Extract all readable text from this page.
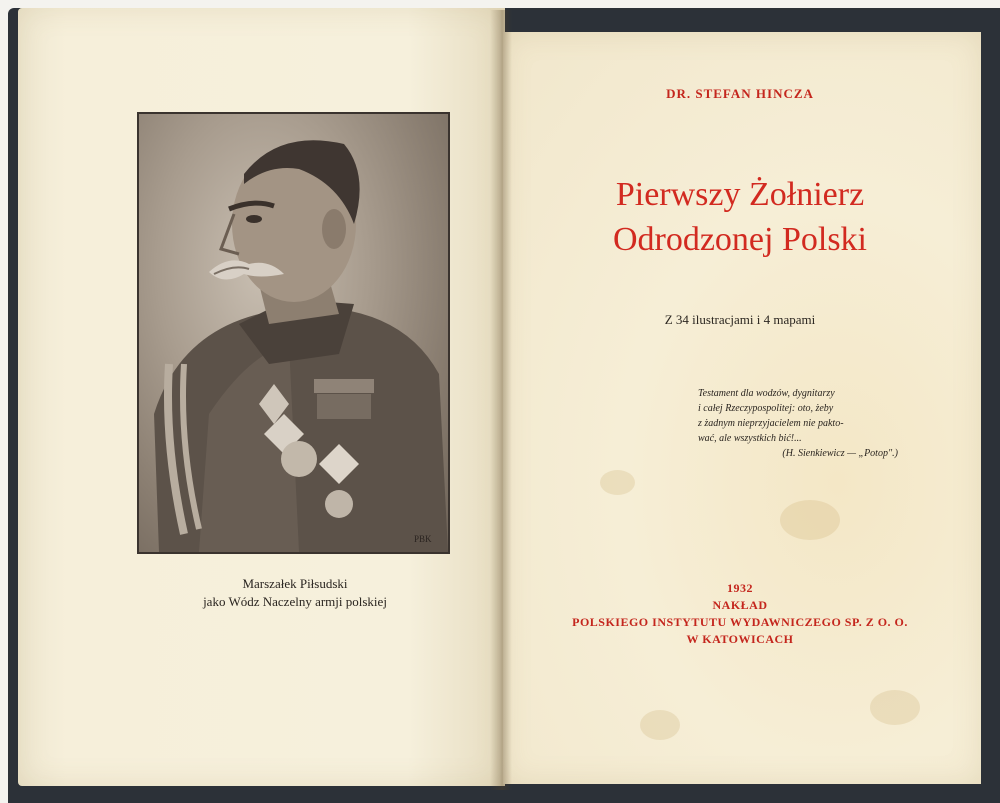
PBK
Marszałek Piłsudski
jako Wódz Naczelny armji polskiej
DR. STEFAN HINCZA
Pierwszy Żołnierz
Odrodzonej Polski
Z 34 ilustracjami i 4 mapami
Testament dla wodzów, dygnitarzy
i całej Rzeczypospolitej: oto, żeby
z żadnym nieprzyjacielem nie pakto-
wać, ale wszystkich bić!...
(H. Sienkiewicz — „Potop".)
1932
NAKŁAD
POLSKIEGO INSTYTUTU WYDAWNICZEGO SP. Z O. O.
W KATOWICACH
